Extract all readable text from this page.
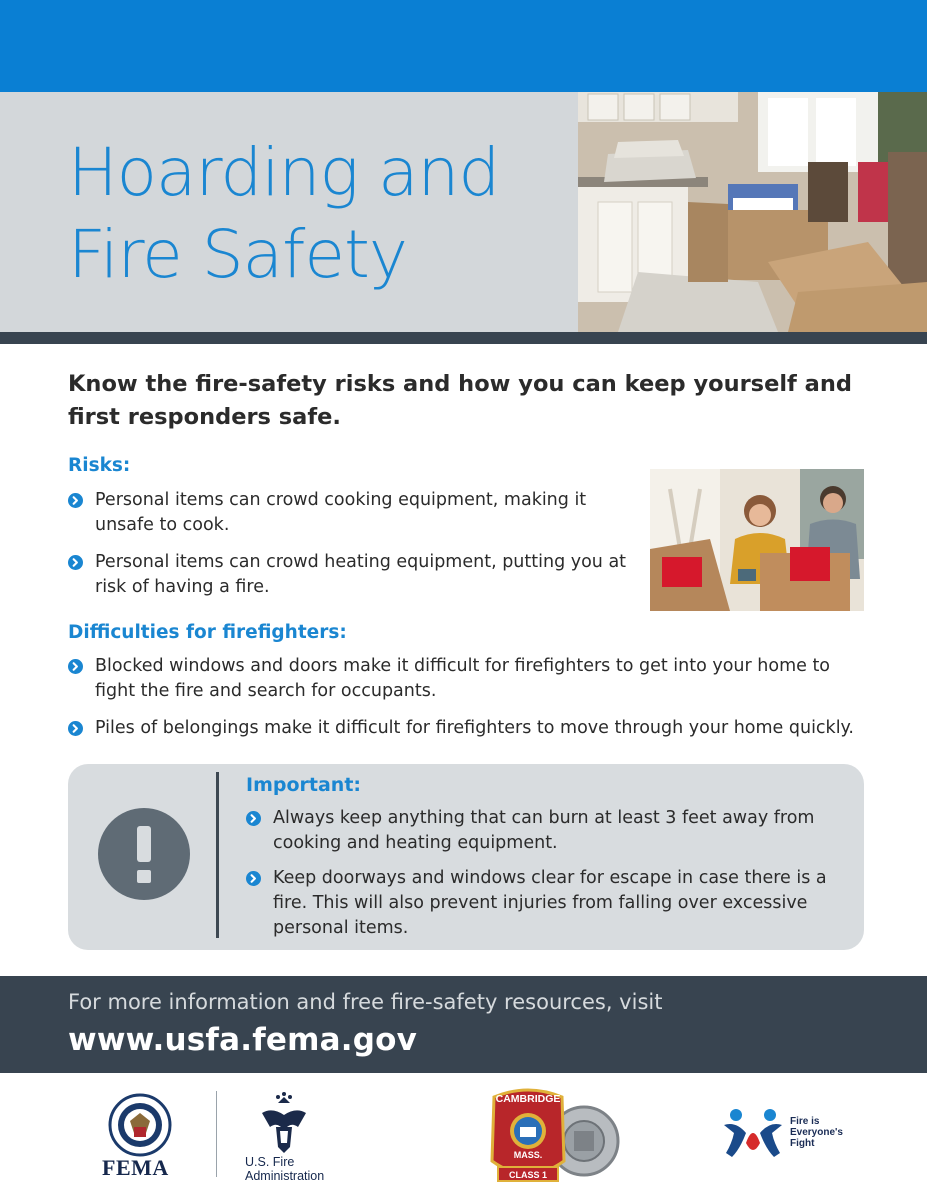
Hoarding and
Fire Safety

Know the fire-safety risks and how you can keep yourself and first responders safe.

Risks:
Personal items can crowd cooking equipment, making it unsafe to cook.
Personal items can crowd heating equipment, putting you at risk of having a fire.
Difficulties for firefighters:
Blocked windows and doors make it difficult for firefighters to get into your home to fight the fire and search for occupants.
Piles of belongings make it difficult for firefighters to move through your home quickly.
Important:
Always keep anything that can burn at least 3 feet away from cooking and heating equipment.
Keep doorways and windows clear for escape in case there is a fire. This will also prevent injuries from falling over excessive personal items.

For more information and free fire-safety resources, visit

www.usfa.fema.gov

FEMA	U.S. Fire
Administration
CAMBRIDGE
MASS.
CLASS 1
Fire is
Everyone's
Fight
